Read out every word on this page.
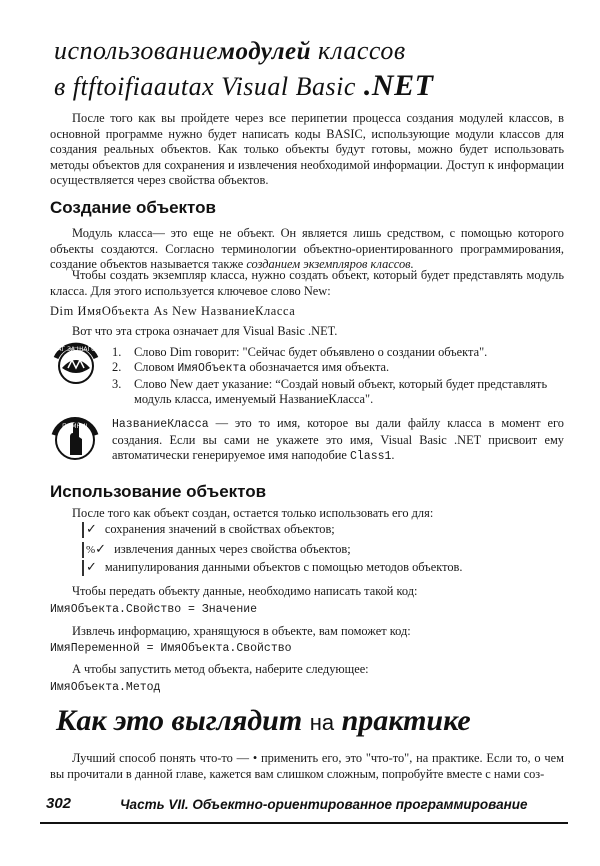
использованиемодулей классов
в ftftoifiaautax Visual Basic .NET
После того как вы пройдете через все перипетии процесса создания модулей классов, в основной программе нужно будет написать коды BASIC, использующие модули классов для создания реальных объектов. Как только объекты будут готовы, можно будет использовать методы объектов для сохранения и извлечения необходимой информации. Доступ к информации осуществляется через свойства объектов.
Создание объектов
Модуль класса— это еще не объект. Он является лишь средством, с помощью которого объекты создаются. Согласно терминологии объектно-ориентированного программирования, создание объектов называется также созданием экземпляров классов.
Чтобы создать экземпляр класса, нужно создать объект, который будет представлять модуль класса. Для этого используется ключевое слово New:
Dim ИмяОбъекта As New НазваниеКласса
Вот что эта строка означает для Visual Basic .NET.
ШАГ ЗА ШАГОМ 1. Слово Dim говорит: "Сейчас будет объявлено о создании объекта".
2. Словом ИмяОбъекта обозначается имя объекта.
3. Слово New дает указание: “Создай новый объект, который будет представлять модуль класса, именуемый НазваниеКласса".
ПОМНИ! НазваниеКласса — это то имя, которое вы дали файлу класса в момент его создания. Если вы сами не укажете это имя, Visual Basic .NET присвоит ему автоматически генерируемое имя наподобие Class1.
Использование объектов
После того как объект создан, остается только использовать его для:
✓ сохранения значений в свойствах объектов;
%✓ извлечения данных через свойства объектов;
✓ манипулирования данными объектов с помощью методов объектов.
Чтобы передать объекту данные, необходимо написать такой код:
ИмяОбъекта.Свойство = Значение
Извлечь информацию, хранящуюся в объекте, вам поможет код:
ИмяПеременной = ИмяОбъекта.Свойство
А чтобы запустить метод объекта, наберите следующее:
ИмяОбъекта.Метод
Как это выглядит на практике
Лучший способ понять что-то — • применить его, это "что-то", на практике. Если то, о чем вы прочитали в данной главе, кажется вам слишком сложным, попробуйте вместе с нами соз-
302	Часть VII. Объектно-ориентированное программирование
